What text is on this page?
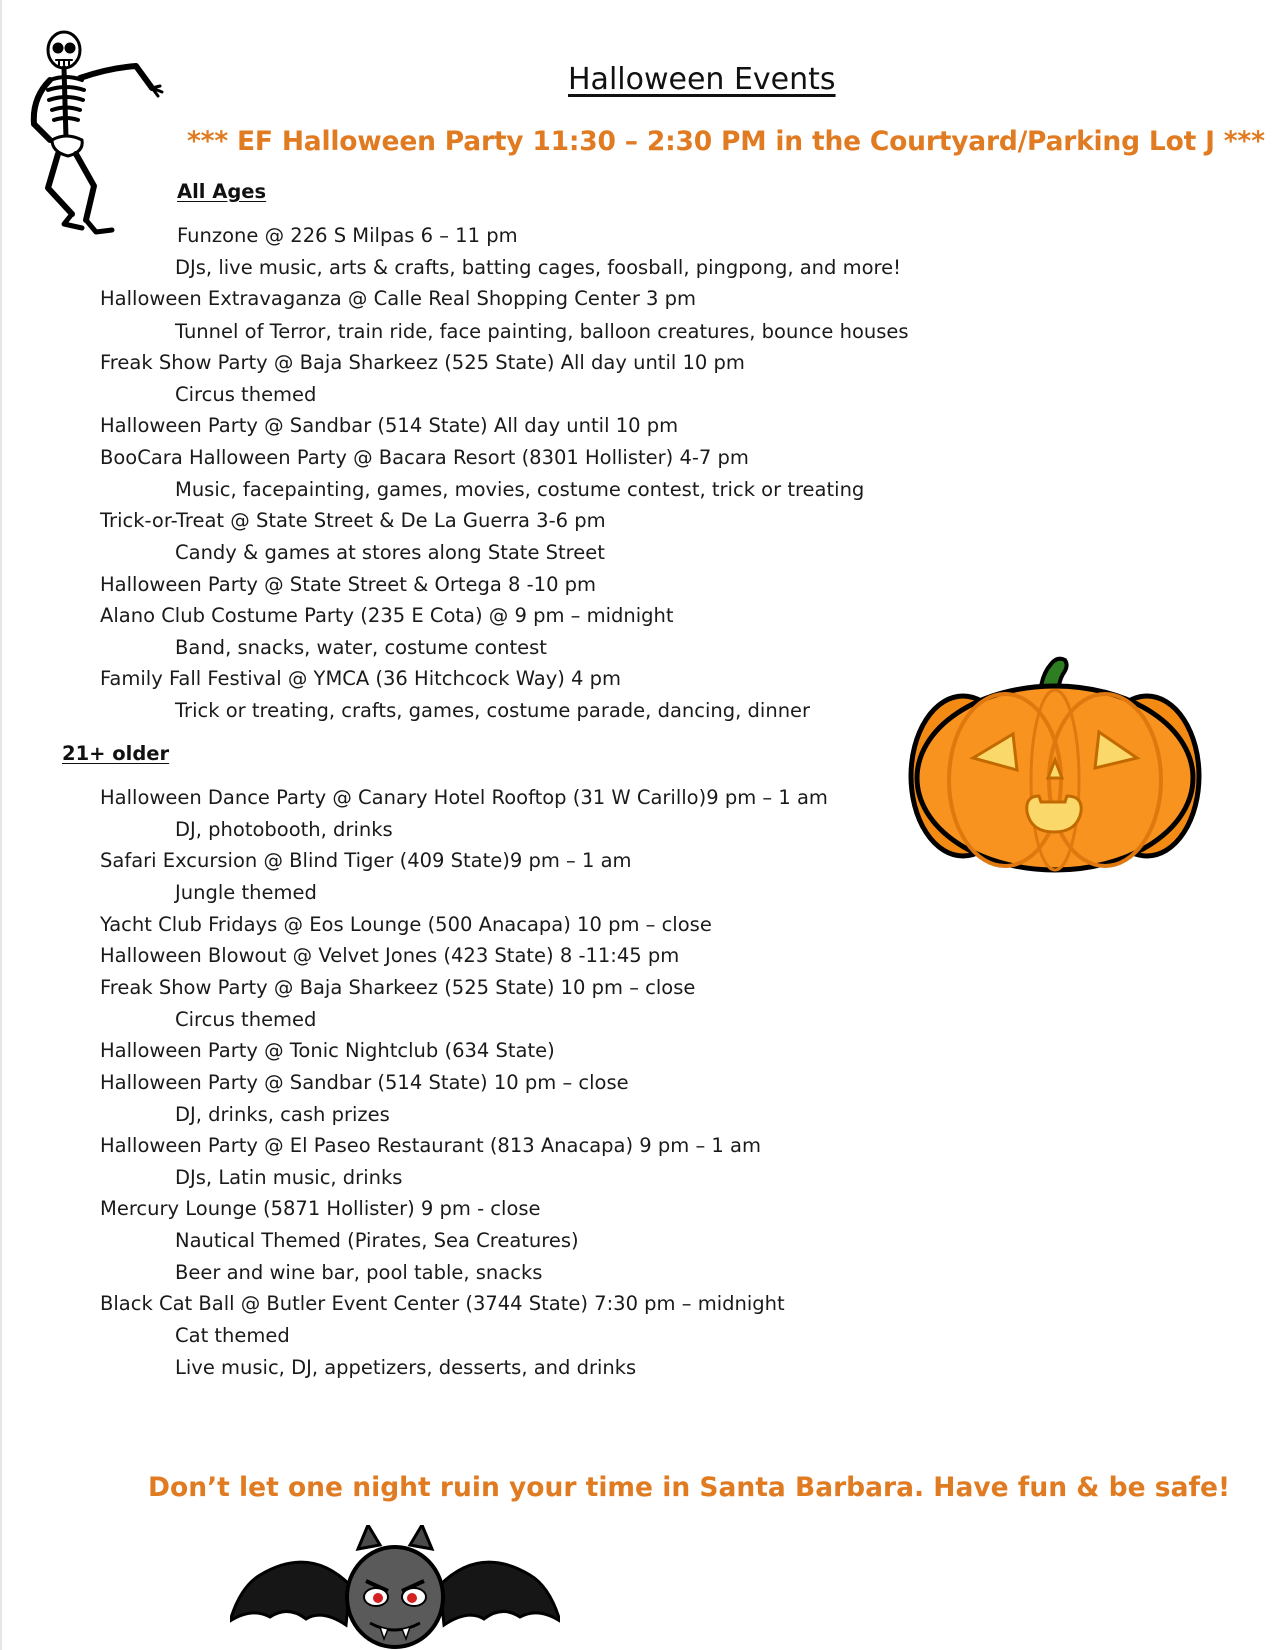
Halloween Events
*** EF Halloween Party 11:30 – 2:30 PM in the Courtyard/Parking Lot J ***
All Ages
Funzone @ 226 S Milpas 6 – 11 pm
DJs, live music, arts & crafts, batting cages, foosball, pingpong, and more!
Halloween Extravaganza @ Calle Real Shopping Center 3 pm
Tunnel of Terror, train ride, face painting, balloon creatures, bounce houses
Freak Show Party @ Baja Sharkeez (525 State) All day until 10 pm
Circus themed
Halloween Party @ Sandbar (514 State) All day until 10 pm
BooCara Halloween Party @ Bacara Resort (8301 Hollister) 4-7 pm
Music, facepainting, games, movies, costume contest, trick or treating
Trick-or-Treat @ State Street & De La Guerra 3-6 pm
Candy & games at stores along State Street
Halloween Party @ State Street & Ortega 8 -10 pm
Alano Club Costume Party (235 E Cota) @ 9 pm – midnight
Band, snacks, water, costume contest
Family Fall Festival @ YMCA (36 Hitchcock Way) 4 pm
Trick or treating, crafts, games, costume parade, dancing, dinner
21+ older
Halloween Dance Party @ Canary Hotel Rooftop (31 W Carillo)9 pm – 1 am
DJ, photobooth, drinks
Safari Excursion @ Blind Tiger (409 State)9 pm – 1 am
Jungle themed
Yacht Club Fridays @ Eos Lounge (500 Anacapa) 10 pm – close
Halloween Blowout @ Velvet Jones (423 State) 8 -11:45 pm
Freak Show Party @ Baja Sharkeez (525 State) 10 pm – close
Circus themed
Halloween Party @ Tonic Nightclub (634 State)
Halloween Party @ Sandbar (514 State) 10 pm – close
DJ, drinks, cash prizes
Halloween Party @ El Paseo Restaurant (813 Anacapa) 9 pm – 1 am
DJs, Latin music, drinks
Mercury Lounge (5871 Hollister) 9 pm - close
Nautical Themed (Pirates, Sea Creatures)
Beer and wine bar, pool table, snacks
Black Cat Ball @ Butler Event Center (3744 State) 7:30 pm – midnight
Cat themed
Live music, DJ, appetizers, desserts, and drinks
Don’t let one night ruin your time in Santa Barbara. Have fun & be safe!
